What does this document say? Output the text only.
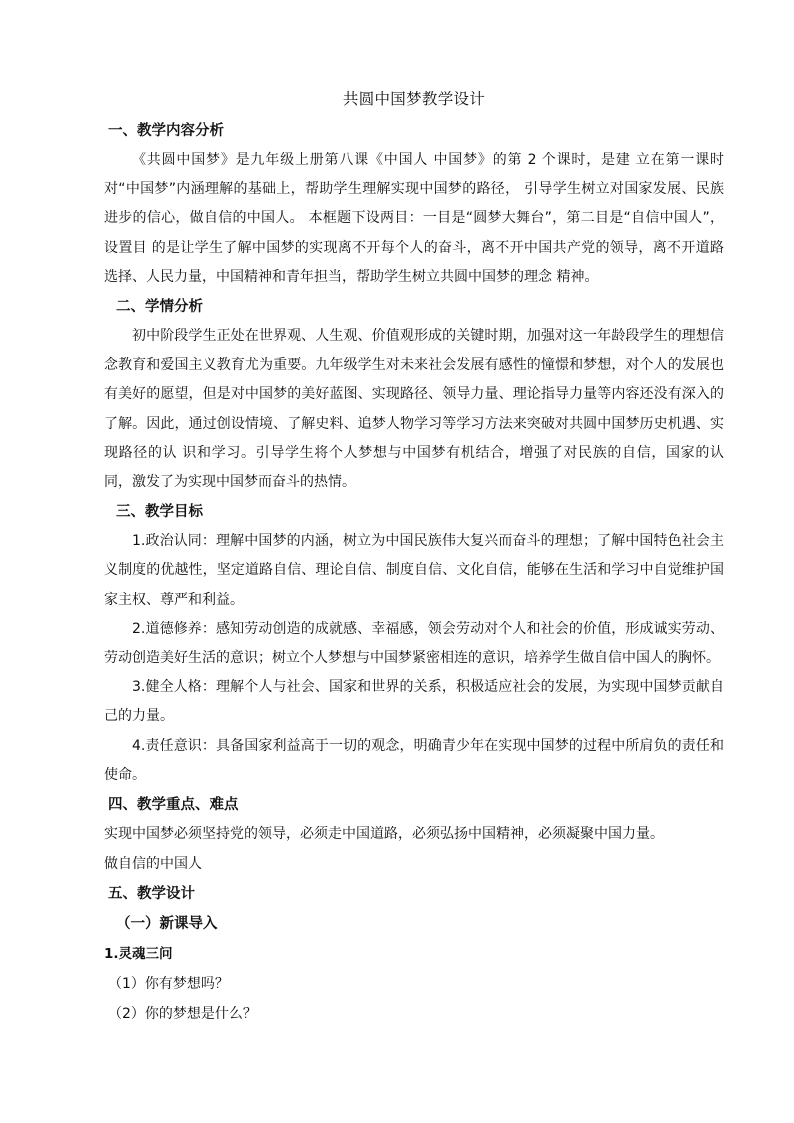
共圆中国梦教学设计

一、教学内容分析

《共圆中国梦》是九年级上册第八课《中国人 中国梦》的第 2 个课时，是建 立在第一课时对“中国梦”内涵理解的基础上，帮助学生理解实现中国梦的路径， 引导学生树立对国家发展、民族进步的信心，做自信的中国人。 本框题下设两目：一目是“圆梦大舞台”，第二目是“自信中国人”，设置目 的是让学生了解中国梦的实现离不开每个人的奋斗，离不开中国共产党的领导，离不开道路选择、人民力量，中国精神和青年担当，帮助学生树立共圆中国梦的理念 精神。

二、学情分析

初中阶段学生正处在世界观、人生观、价值观形成的关键时期，加强对这一年龄段学生的理想信念教育和爱国主义教育尤为重要。九年级学生对未来社会发展有感性的憧憬和梦想，对个人的发展也有美好的愿望，但是对中国梦的美好蓝图、实现路径、领导力量、理论指导力量等内容还没有深入的了解。因此，通过创设情境、了解史料、追梦人物学习等学习方法来突破对共圆中国梦历史机遇、实现路径的认 识和学习。引导学生将个人梦想与中国梦有机结合，增强了对民族的自信，国家的认同，激发了为实现中国梦而奋斗的热情。

三、教学目标

1.政治认同：理解中国梦的内涵，树立为中国民族伟大复兴而奋斗的理想；了解中国特色社会主义制度的优越性，坚定道路自信、理论自信、制度自信、文化自信，能够在生活和学习中自觉维护国家主权、尊严和利益。

2.道德修养：感知劳动创造的成就感、幸福感，领会劳动对个人和社会的价值，形成诚实劳动、劳动创造美好生活的意识；树立个人梦想与中国梦紧密相连的意识，培养学生做自信中国人的胸怀。

3.健全人格：理解个人与社会、国家和世界的关系，积极适应社会的发展，为实现中国梦贡献自己的力量。

4.责任意识：具备国家利益高于一切的观念，明确青少年在实现中国梦的过程中所肩负的责任和使命。

四、教学重点、难点

实现中国梦必须坚持党的领导，必须走中国道路，必须弘扬中国精神，必须凝聚中国力量。

做自信的中国人

五、教学设计

（一）新课导入

1.灵魂三问

（1）你有梦想吗？

（2）你的梦想是什么？
